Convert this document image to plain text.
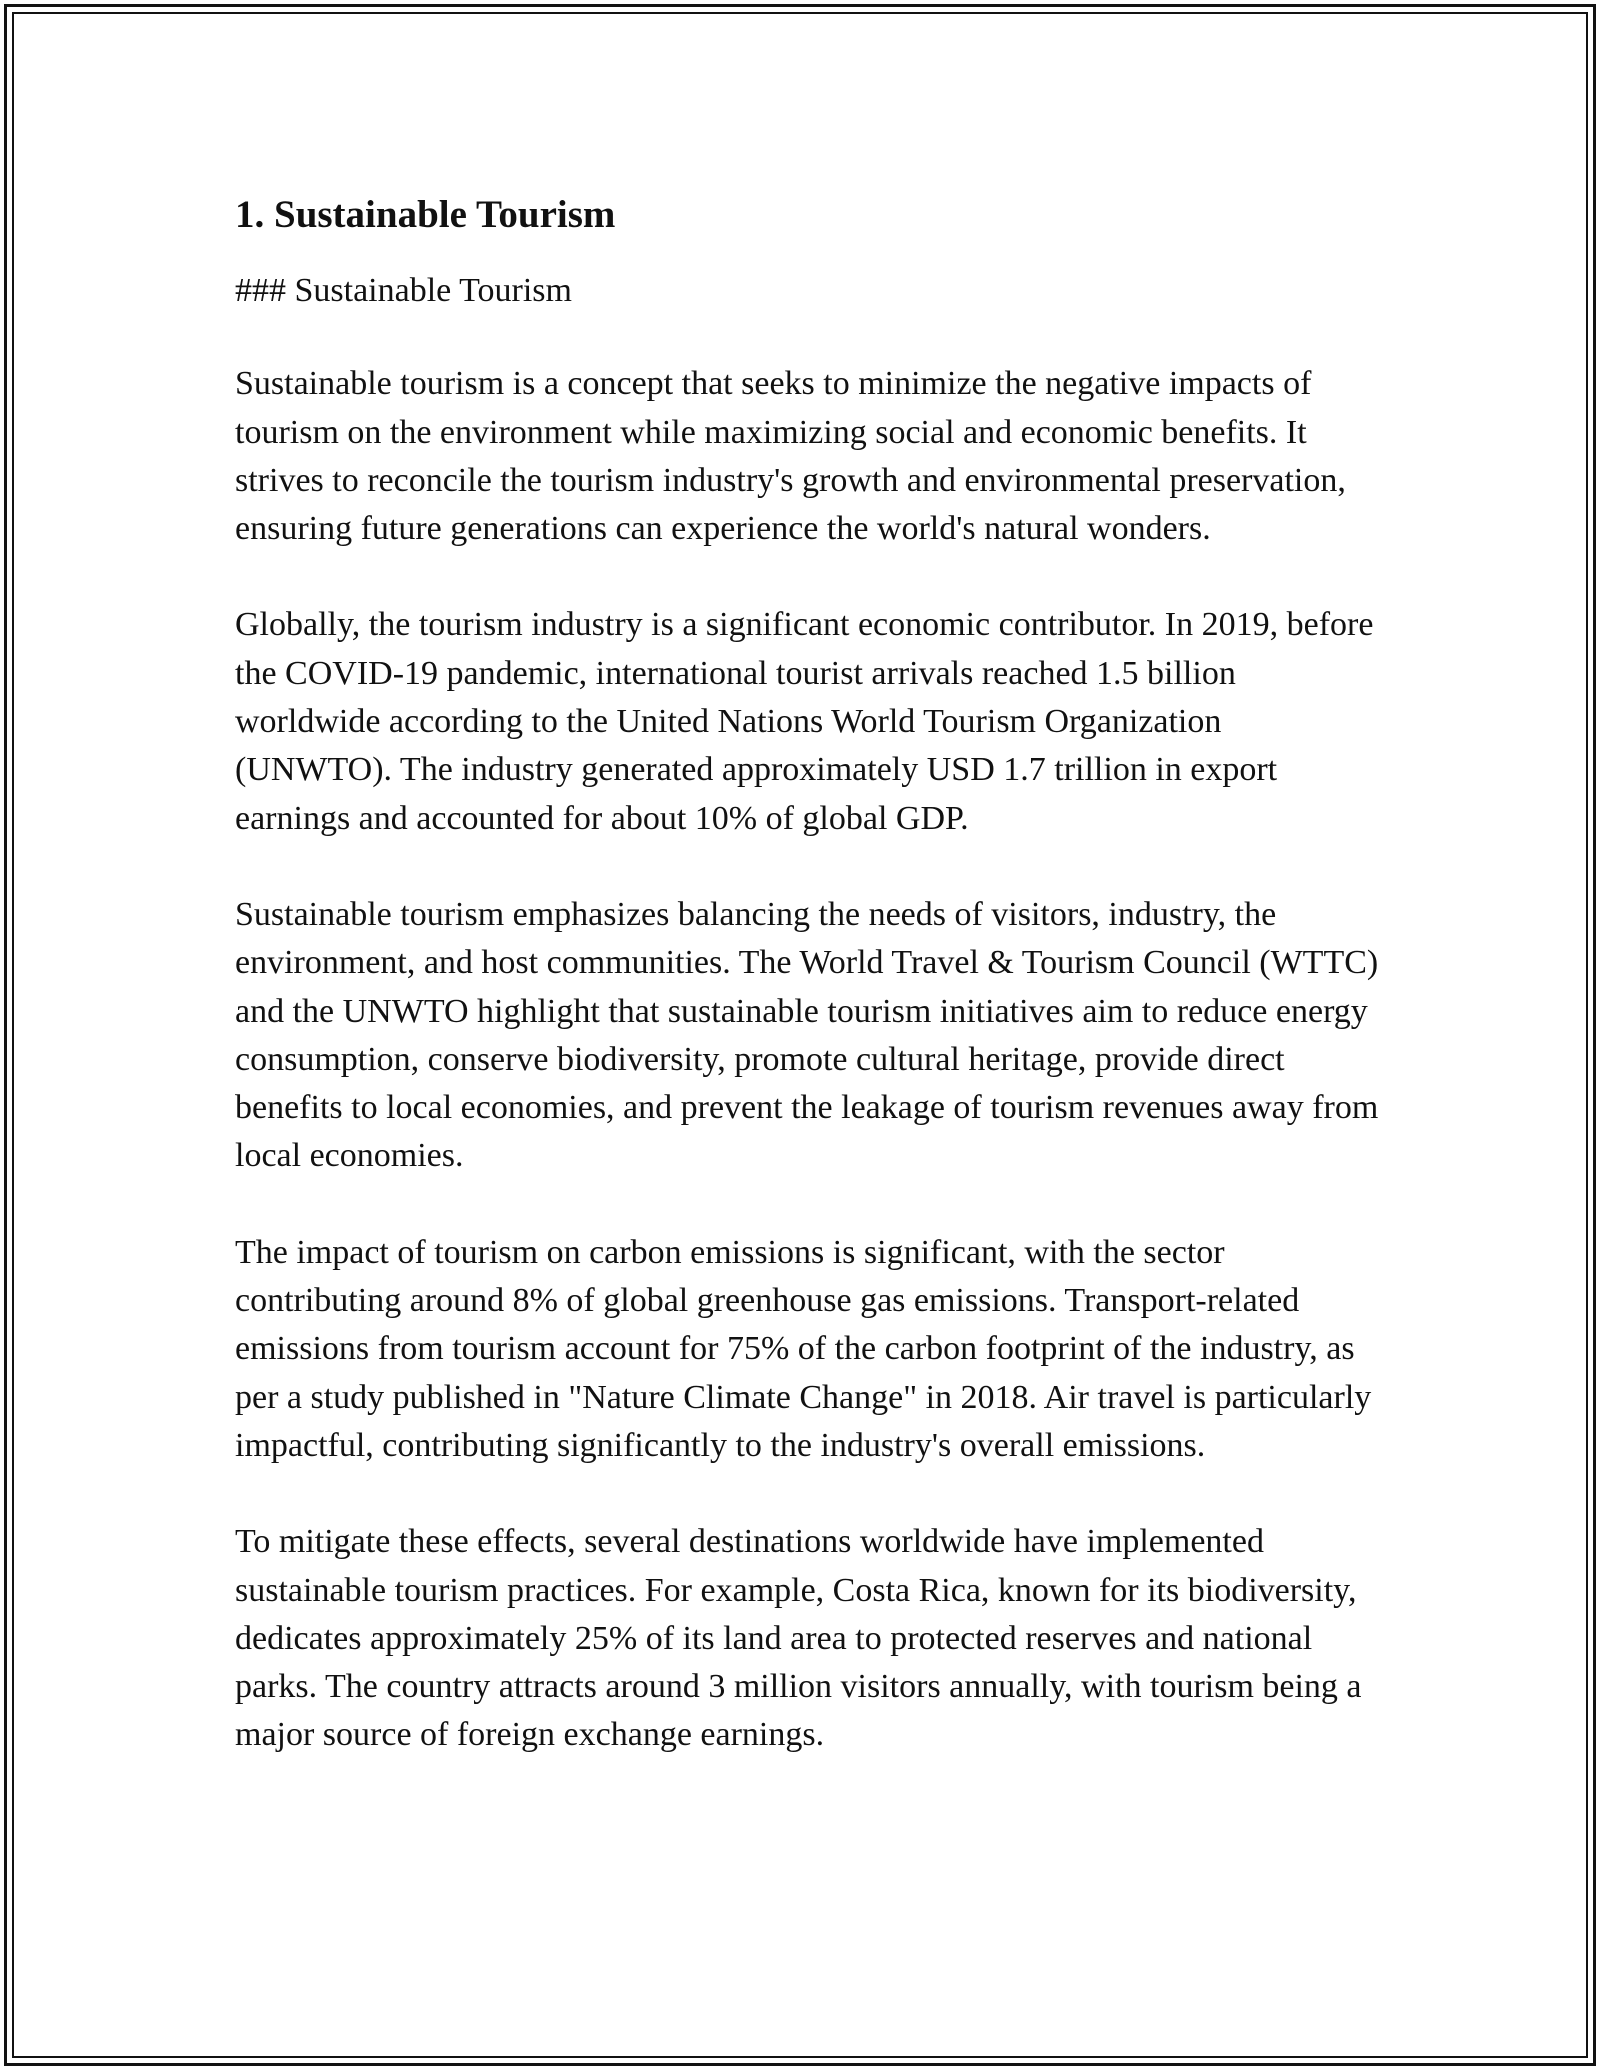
1. Sustainable Tourism

### Sustainable Tourism

Sustainable tourism is a concept that seeks to minimize the negative impacts of tourism on the environment while maximizing social and economic benefits. It strives to reconcile the tourism industry's growth and environmental preservation, ensuring future generations can experience the world's natural wonders.

Globally, the tourism industry is a significant economic contributor. In 2019, before the COVID-19 pandemic, international tourist arrivals reached 1.5 billion worldwide according to the United Nations World Tourism Organization (UNWTO). The industry generated approximately USD 1.7 trillion in export earnings and accounted for about 10% of global GDP.

Sustainable tourism emphasizes balancing the needs of visitors, industry, the environment, and host communities. The World Travel & Tourism Council (WTTC) and the UNWTO highlight that sustainable tourism initiatives aim to reduce energy consumption, conserve biodiversity, promote cultural heritage, provide direct benefits to local economies, and prevent the leakage of tourism revenues away from local economies.

The impact of tourism on carbon emissions is significant, with the sector contributing around 8% of global greenhouse gas emissions. Transport-related emissions from tourism account for 75% of the carbon footprint of the industry, as per a study published in "Nature Climate Change" in 2018. Air travel is particularly impactful, contributing significantly to the industry's overall emissions.

To mitigate these effects, several destinations worldwide have implemented sustainable tourism practices. For example, Costa Rica, known for its biodiversity, dedicates approximately 25% of its land area to protected reserves and national parks. The country attracts around 3 million visitors annually, with tourism being a major source of foreign exchange earnings.
